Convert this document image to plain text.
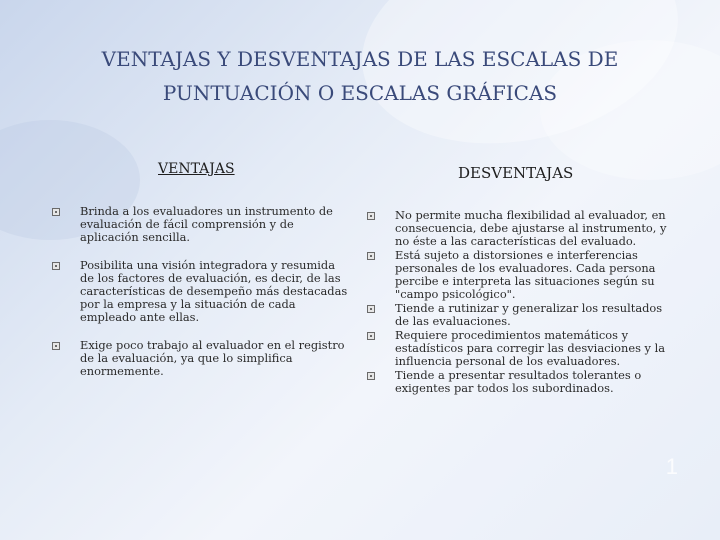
VENTAJAS Y DESVENTAJAS DE LAS ESCALAS DE
PUNTUACIÓN O ESCALAS GRÁFICAS
VENTAJAS	DESVENTAJAS
Brinda a los evaluadores un instrumento de evaluación de fácil comprensión y de aplicación sencilla.
Posibilita una visión integradora y resumida de los factores de evaluación, es decir, de las características de desempeño más destacadas por la empresa y la situación de cada empleado ante ellas.
Exige poco trabajo al evaluador en el registro de la evaluación, ya que lo simplifica enormemente.
No permite mucha flexibilidad al evaluador, en consecuencia, debe ajustarse al instrumento, y no éste a las características del evaluado.
Está sujeto a distorsiones e interferencias personales de los evaluadores. Cada persona percibe e interpreta las situaciones según su "campo psicológico".
Tiende a rutinizar y generalizar los resultados de las evaluaciones.
Requiere procedimientos matemáticos y estadísticos para corregir las desviaciones y la influencia personal de los evaluadores.
Tiende a presentar resultados tolerantes o exigentes par todos los subordinados.
1
